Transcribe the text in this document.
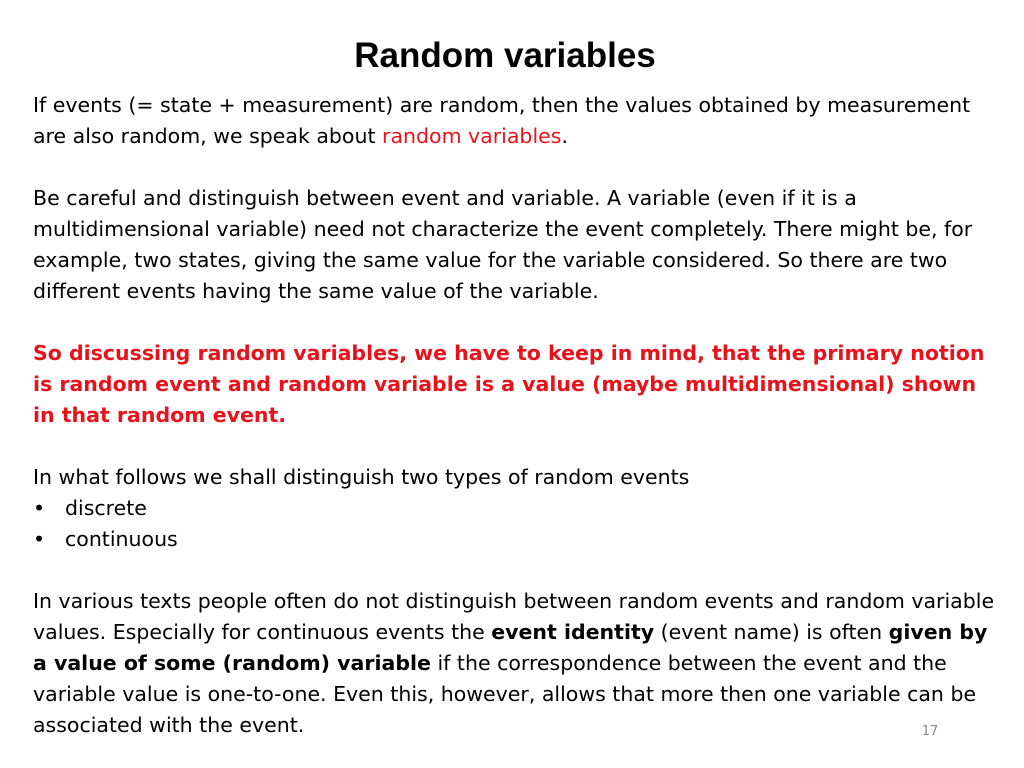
Random variables

If events (= state + measurement) are random, then the values obtained by measurement are also random, we speak about random variables.

Be careful and distinguish between event and variable. A variable (even if it is a multidimensional variable) need not characterize the event completely. There might be, for example, two states, giving the same value for the variable considered. So there are two different events having the same value of the variable.

So discussing random variables, we have to keep in mind, that the primary notion is random event and random variable is a value (maybe multidimensional) shown in that random event.

In what follows we shall distinguish two types of random events

• discrete
• continuous

In various texts people often do not distinguish between random events and random variable values. Especially for continuous events the event identity (event name) is often given by a value of some (random) variable if the correspondence between the event and the variable value is one-to-one. Even this, however, allows that more then one variable can be associated with the event.	17
